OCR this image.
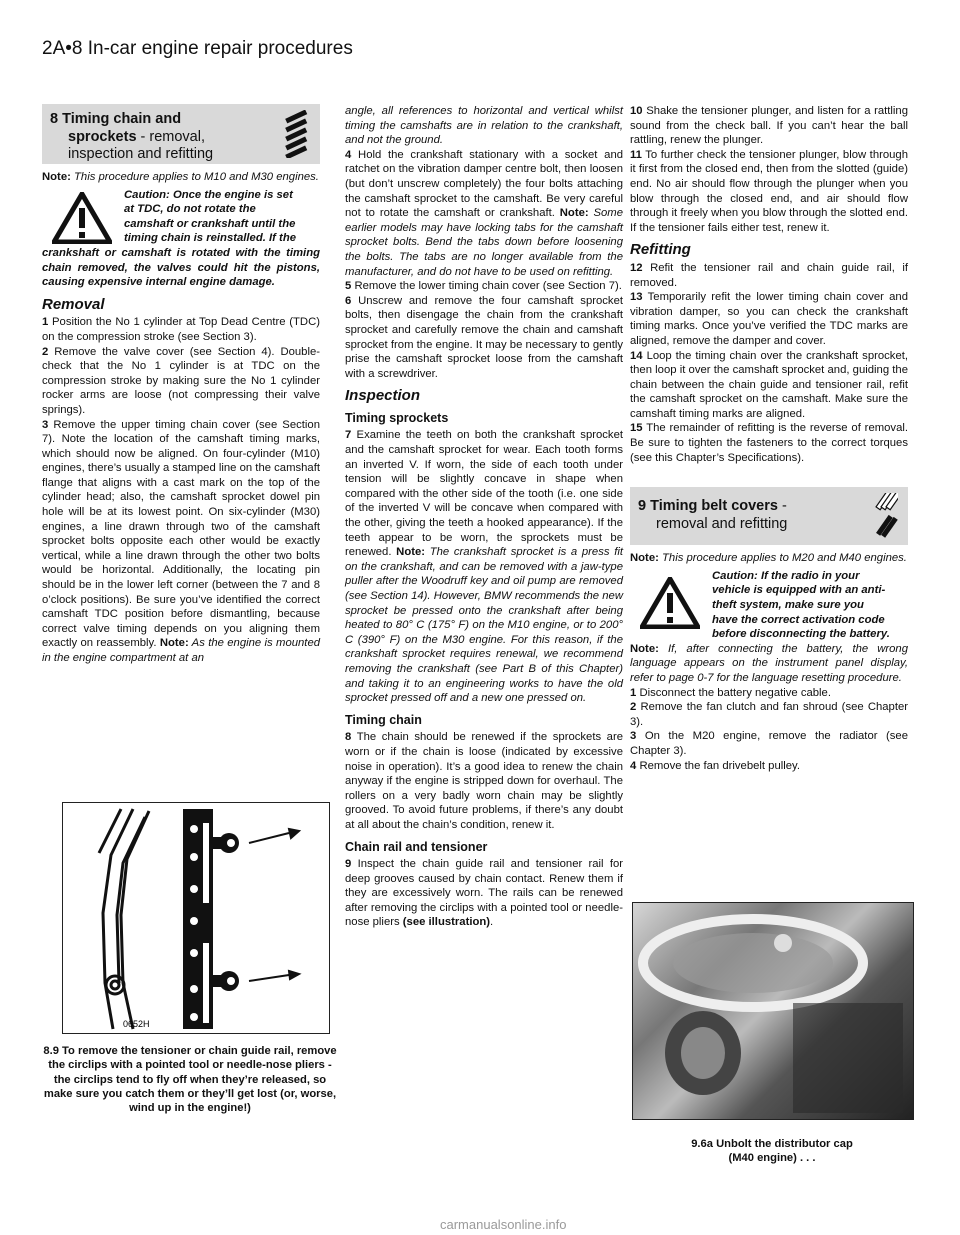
2A•8 In-car engine repair procedures
8 Timing chain and
sprockets - removal,
inspection and refitting

Note: This procedure applies to M10 and M30 engines.

Caution: Once the engine is set
at TDC, do not rotate the
camshaft or crankshaft until the
timing chain is reinstalled. If the
crankshaft or camshaft is rotated with the timing chain removed, the valves could hit the pistons, causing expensive internal engine damage.
Removal

1 Position the No 1 cylinder at Top Dead Centre (TDC) on the compression stroke (see Section 3).

2 Remove the valve cover (see Section 4). Double-check that the No 1 cylinder is at TDC on the compression stroke by making sure the No 1 cylinder rocker arms are loose (not compressing their valve springs).

3 Remove the upper timing chain cover (see Section 7). Note the location of the camshaft timing marks, which should now be aligned. On four-cylinder (M10) engines, there’s usually a stamped line on the camshaft flange that aligns with a cast mark on the top of the cylinder head; also, the camshaft sprocket dowel pin hole will be at its lowest point. On six-cylinder (M30) engines, a line drawn through two of the camshaft sprocket bolts opposite each other would be exactly vertical, while a line drawn through the other two bolts would be horizontal. Additionally, the locating pin should be in the lower left corner (between the 7 and 8 o’clock positions). Be sure you’ve identified the correct camshaft TDC position before dismantling, because correct valve timing depends on you aligning them exactly on reassembly. Note: As the engine is mounted in the engine compartment at an

0652H
8.9 To remove the tensioner or chain guide rail, remove the circlips with a pointed tool or needle-nose pliers - the circlips tend to fly off when they’re released, so make sure you catch them or they’ll get lost (or, worse, wind up in the engine!)

angle, all references to horizontal and vertical whilst timing the camshafts are in relation to the crankshaft, and not the ground.

4 Hold the crankshaft stationary with a socket and ratchet on the vibration damper centre bolt, then loosen (but don’t unscrew completely) the four bolts attaching the camshaft sprocket to the camshaft. Be very careful not to rotate the camshaft or crankshaft. Note: Some earlier models may have locking tabs for the camshaft sprocket bolts. Bend the tabs down before loosening the bolts. The tabs are no longer available from the manufacturer, and do not have to be used on refitting.

5 Remove the lower timing chain cover (see Section 7).

6 Unscrew and remove the four camshaft sprocket bolts, then disengage the chain from the crankshaft sprocket and carefully remove the chain and camshaft sprocket from the engine. It may be necessary to gently prise the camshaft sprocket loose from the camshaft with a screwdriver.

Inspection
Timing sprockets

7 Examine the teeth on both the crankshaft sprocket and the camshaft sprocket for wear. Each tooth forms an inverted V. If worn, the side of each tooth under tension will be slightly concave in shape when compared with the other side of the tooth (i.e. one side of the inverted V will be concave when compared with the other, giving the teeth a hooked appearance). If the teeth appear to be worn, the sprockets must be renewed. Note: The crankshaft sprocket is a press fit on the crankshaft, and can be removed with a jaw-type puller after the Woodruff key and oil pump are removed (see Section 14). However, BMW recommends the new sprocket be pressed onto the crankshaft after being heated to 80° C (175° F) on the M10 engine, or to 200° C (390° F) on the M30 engine. For this reason, if the crankshaft sprocket requires renewal, we recommend removing the crankshaft (see Part B of this Chapter) and taking it to an engineering works to have the old sprocket pressed off and a new one pressed on.

Timing chain

8 The chain should be renewed if the sprockets are worn or if the chain is loose (indicated by excessive noise in operation). It’s a good idea to renew the chain anyway if the engine is stripped down for overhaul. The rollers on a very badly worn chain may be slightly grooved. To avoid future problems, if there’s any doubt at all about the chain’s condition, renew it.

Chain rail and tensioner

9 Inspect the chain guide rail and tensioner rail for deep grooves caused by chain contact. Renew them if they are excessively worn. The rails can be renewed after removing the circlips with a pointed tool or needle-nose pliers (see illustration).

10 Shake the tensioner plunger, and listen for a rattling sound from the check ball. If you can’t hear the ball rattling, renew the plunger.

11 To further check the tensioner plunger, blow through it first from the closed end, then from the slotted (guide) end. No air should flow through the plunger when you blow through the closed end, and air should flow through it freely when you blow through the slotted end. If the tensioner fails either test, renew it.

Refitting

12 Refit the tensioner rail and chain guide rail, if removed.

13 Temporarily refit the lower timing chain cover and vibration damper, so you can check the crankshaft timing marks. Once you’ve verified the TDC marks are aligned, remove the damper and cover.

14 Loop the timing chain over the crankshaft sprocket, then loop it over the camshaft sprocket and, guiding the chain between the chain guide and tensioner rail, refit the camshaft sprocket on the camshaft. Make sure the camshaft timing marks are aligned.

15 The remainder of refitting is the reverse of removal. Be sure to tighten the fasteners to the correct torques (see this Chapter’s Specifications).

9 Timing belt covers -
removal and refitting

Note: This procedure applies to M20 and M40 engines.

Caution: If the radio in your
vehicle is equipped with an anti-
theft system, make sure you
have the correct activation code
before disconnecting the battery.

Note: If, after connecting the battery, the wrong language appears on the instrument panel display, refer to page 0-7 for the language resetting procedure.

1 Disconnect the battery negative cable.

2 Remove the fan clutch and fan shroud (see Chapter 3).

3 On the M20 engine, remove the radiator (see Chapter 3).

4 Remove the fan drivebelt pulley.

9.6a Unbolt the distributor cap
(M40 engine) . . .
carmanualsonline.info
